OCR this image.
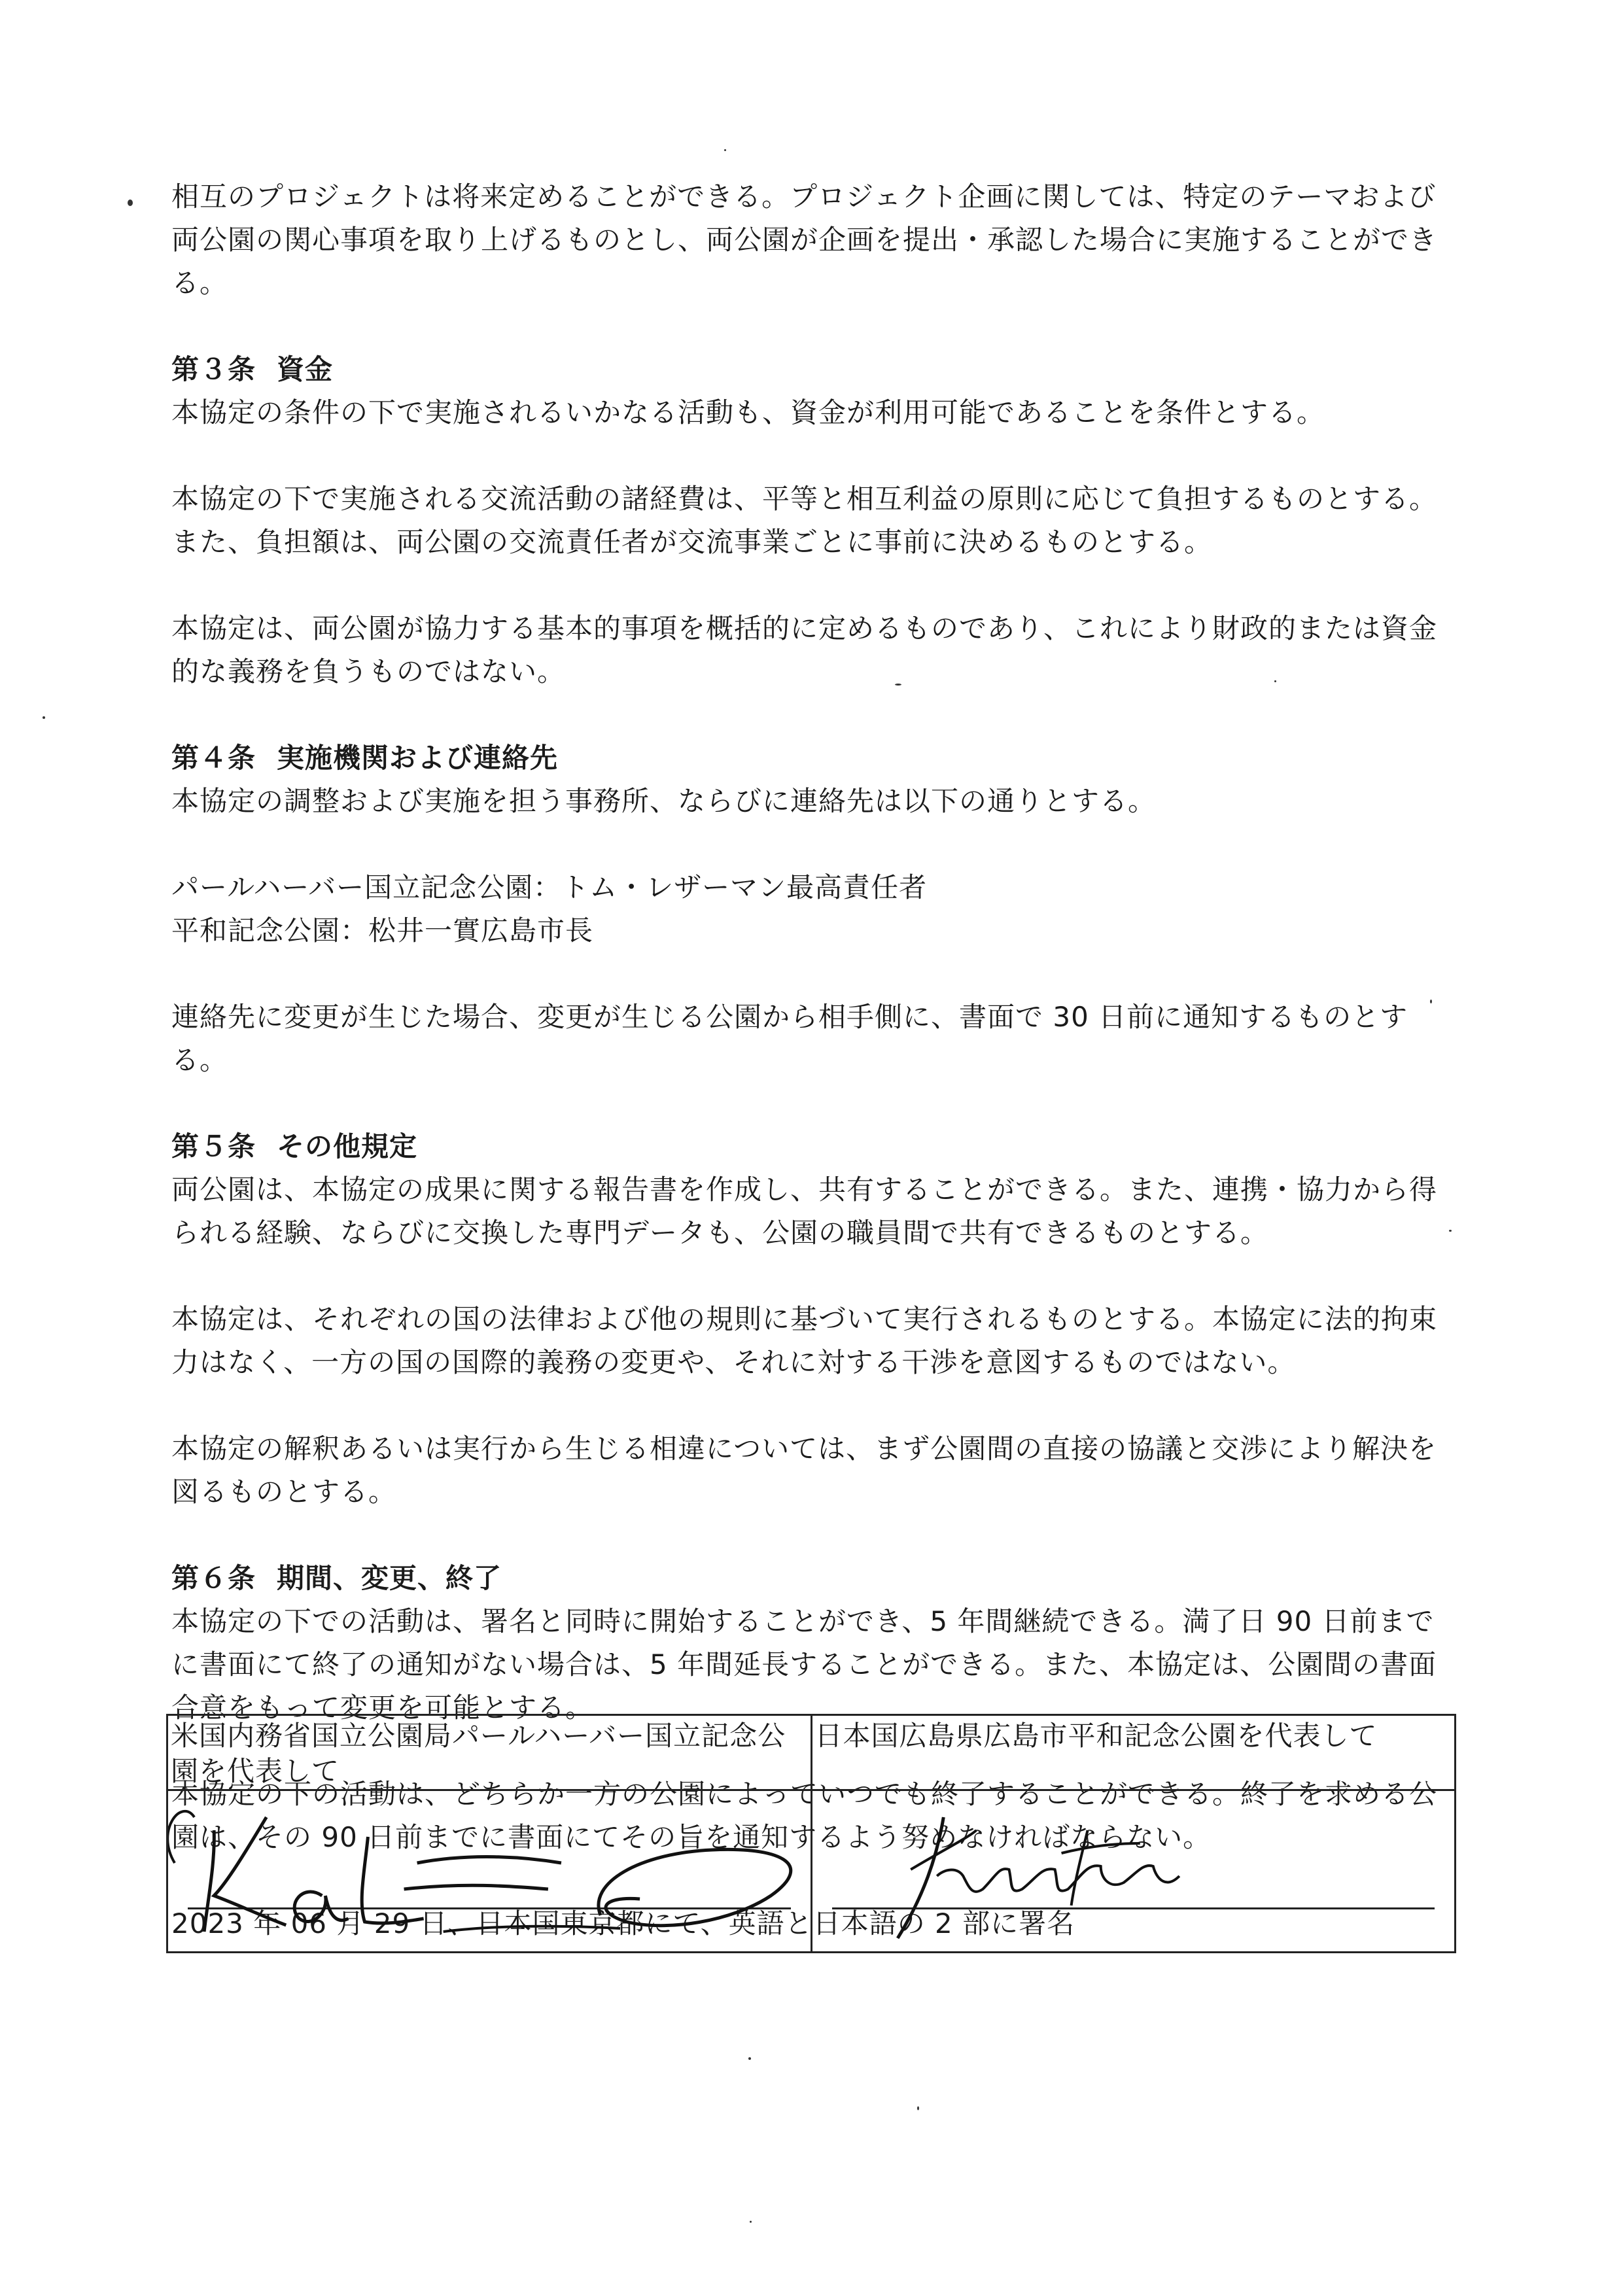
相互のプロジェクトは将来定めることができる。プロジェクト企画に関しては、特定のテーマおよび両公園の関心事項を取り上げるものとし、両公園が企画を提出・承認した場合に実施することができる。

第３条 資金

本協定の条件の下で実施されるいかなる活動も、資金が利用可能であることを条件とする。

本協定の下で実施される交流活動の諸経費は、平等と相互利益の原則に応じて負担するものとする。また、負担額は、両公園の交流責任者が交流事業ごとに事前に決めるものとする。

本協定は、両公園が協力する基本的事項を概括的に定めるものであり、これにより財政的または資金的な義務を負うものではない。

第４条 実施機関および連絡先

本協定の調整および実施を担う事務所、ならびに連絡先は以下の通りとする。

パールハーバー国立記念公園：トム・レザーマン最高責任者

平和記念公園：松井一實広島市長

連絡先に変更が生じた場合、変更が生じる公園から相手側に、書面で 30 日前に通知するものとする。

第５条 その他規定

両公園は、本協定の成果に関する報告書を作成し、共有することができる。また、連携・協力から得られる経験、ならびに交換した専門データも、公園の職員間で共有できるものとする。

本協定は、それぞれの国の法律および他の規則に基づいて実行されるものとする。本協定に法的拘束力はなく、一方の国の国際的義務の変更や、それに対する干渉を意図するものではない。

本協定の解釈あるいは実行から生じる相違については、まず公園間の直接の協議と交渉により解決を図るものとする。

第６条 期間、変更、終了

本協定の下での活動は、署名と同時に開始することができ、5 年間継続できる。満了日 90 日前までに書面にて終了の通知がない場合は、5 年間延長することができる。また、本協定は、公園間の書面合意をもって変更を可能とする。

本協定の下の活動は、どちらか一方の公園によっていつでも終了することができる。終了を求める公園は、その 90 日前までに書面にてその旨を通知するよう努めなければならない。

2023 年 06 月 29 日、日本国東京都にて、英語と日本語の 2 部に署名

米国内務省国立公園局パールハーバー国立記念公園を代表して	日本国広島県広島市平和記念公園を代表して
